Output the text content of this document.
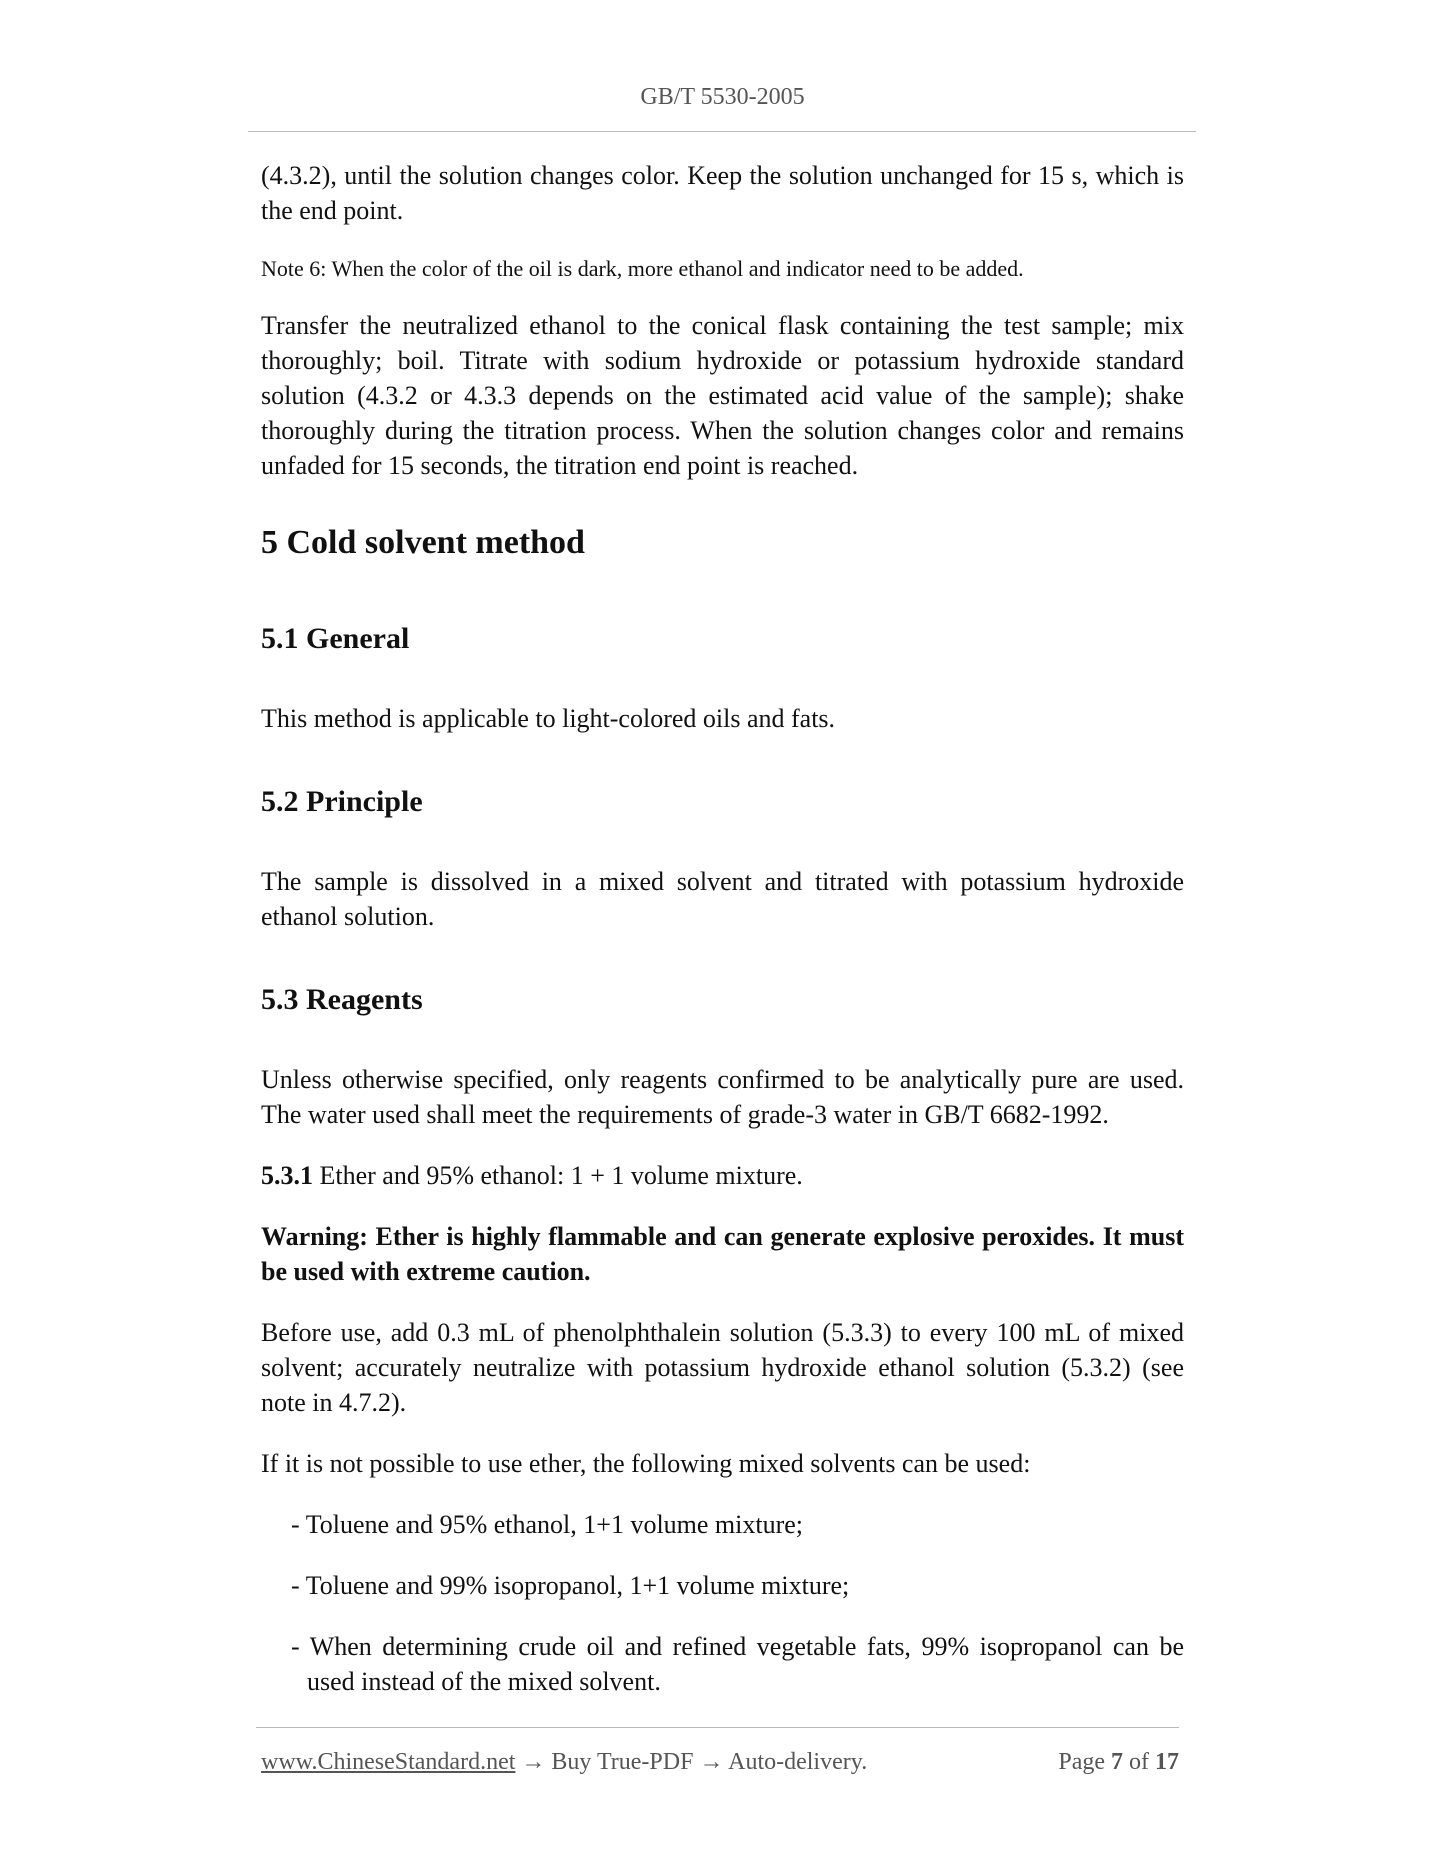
GB/T 5530-2005

(4.3.2), until the solution changes color. Keep the solution unchanged for 15 s, which is the end point.

Note 6: When the color of the oil is dark, more ethanol and indicator need to be added.

Transfer the neutralized ethanol to the conical flask containing the test sample; mix thoroughly; boil. Titrate with sodium hydroxide or potassium hydroxide standard solution (4.3.2 or 4.3.3 depends on the estimated acid value of the sample); shake thoroughly during the titration process. When the solution changes color and remains unfaded for 15 seconds, the titration end point is reached.

5 Cold solvent method
5.1 General

This method is applicable to light-colored oils and fats.

5.2 Principle

The sample is dissolved in a mixed solvent and titrated with potassium hydroxide ethanol solution.

5.3 Reagents

Unless otherwise specified, only reagents confirmed to be analytically pure are used. The water used shall meet the requirements of grade-3 water in GB/T 6682-1992.

5.3.1 Ether and 95% ethanol: 1 + 1 volume mixture.

Warning: Ether is highly flammable and can generate explosive peroxides. It must be used with extreme caution.

Before use, add 0.3 mL of phenolphthalein solution (5.3.3) to every 100 mL of mixed solvent; accurately neutralize with potassium hydroxide ethanol solution (5.3.2) (see note in 4.7.2).

If it is not possible to use ether, the following mixed solvents can be used:

- Toluene and 95% ethanol, 1+1 volume mixture;
- Toluene and 99% isopropanol, 1+1 volume mixture;
- When determining crude oil and refined vegetable fats, 99% isopropanol can be used instead of the mixed solvent.
www.ChineseStandard.net → Buy True-PDF → Auto-delivery.	Page 7 of 17
